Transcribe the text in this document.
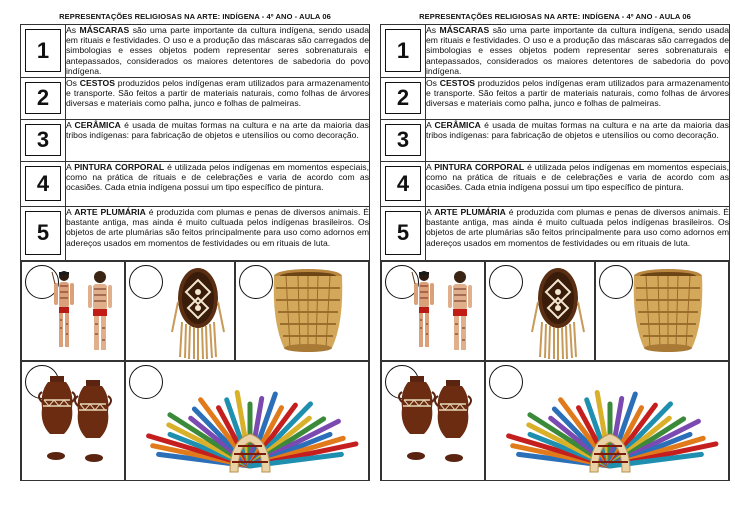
REPRESENTAÇÕES RELIGIOSAS NA ARTE: INDÍGENA - 4º ANO - AULA 06
1	As MÁSCARAS são uma parte importante da cultura indígena, sendo usada em rituais e festividades. O uso e a produção das máscaras são carregados de simbologias e esses objetos podem representar seres sobrenaturais e antepassados, considerados os maiores detentores de sabedoria do povo indígena.

2	Os CESTOS produzidos pelos indígenas eram utilizados para armazenamento e transporte. São feitos a partir de materiais naturais, como folhas de árvores diversas e materiais como palha, junco e folhas de palmeiras.

3	A CERÂMICA é usada de muitas formas na cultura e na arte da maioria das tribos indígenas: para fabricação de objetos e utensílios ou como decoração.

4	A PINTURA CORPORAL é utilizada pelos indígenas em momentos especiais, como na prática de rituais e de celebrações e varia de acordo com as ocasiões. Cada etnia indígena possui um tipo específico de pintura.

5	A ARTE PLUMÁRIA é produzida com plumas e penas de diversos animais. É bastante antiga, mas ainda é muito cultuada pelos indígenas brasileiros. Os objetos de arte plumárias são feitos principalmente para uso como adornos em adereços usados em momentos de festividades ou em rituais de luta.
REPRESENTAÇÕES RELIGIOSAS NA ARTE: INDÍGENA - 4º ANO - AULA 06
1	As MÁSCARAS são uma parte importante da cultura indígena, sendo usada em rituais e festividades. O uso e a produção das máscaras são carregados de simbologias e esses objetos podem representar seres sobrenaturais e antepassados, considerados os maiores detentores de sabedoria do povo indígena.

2	Os CESTOS produzidos pelos indígenas eram utilizados para armazenamento e transporte. São feitos a partir de materiais naturais, como folhas de árvores diversas e materiais como palha, junco e folhas de palmeiras.

3	A CERÂMICA é usada de muitas formas na cultura e na arte da maioria das tribos indígenas: para fabricação de objetos e utensílios ou como decoração.

4	A PINTURA CORPORAL é utilizada pelos indígenas em momentos especiais, como na prática de rituais e de celebrações e varia de acordo com as ocasiões. Cada etnia indígena possui um tipo específico de pintura.

5	A ARTE PLUMÁRIA é produzida com plumas e penas de diversos animais. É bastante antiga, mas ainda é muito cultuada pelos indígenas brasileiros. Os objetos de arte plumárias são feitos principalmente para uso como adornos em adereços usados em momentos de festividades ou em rituais de luta.
